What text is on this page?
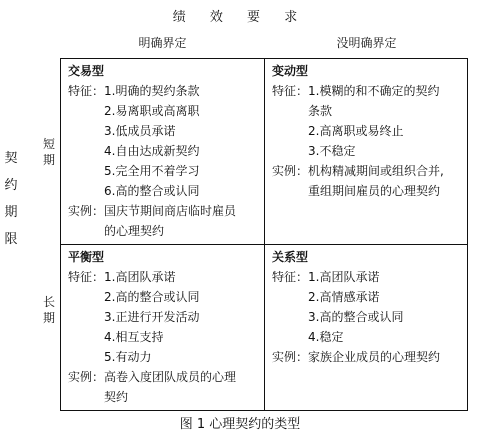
绩 效 要 求
明确界定	没明确界定
契
约
期
限
短
期
长
期
交易型
特征：1.明确的契约条款
2.易离职或高离职
3.低成员承诺
4.自由达成新契约
5.完全用不着学习
6.高的整合或认同
实例：国庆节期间商店临时雇员
的心理契约
变动型
特征：1.模糊的和不确定的契约
条款
2.高离职或易终止
3.不稳定
实例：机构精减期间或组织合并,
重组期间雇员的心理契约
平衡型
特征：1.高团队承诺
2.高的整合或认同
3.正进行开发活动
4.相互支持
5.有动力
实例：高卷入度团队成员的心理
契约
关系型
特征：1.高团队承诺
2.高情感承诺
3.高的整合或认同
4.稳定
实例：家族企业成员的心理契约
图 1 心理契约的类型
